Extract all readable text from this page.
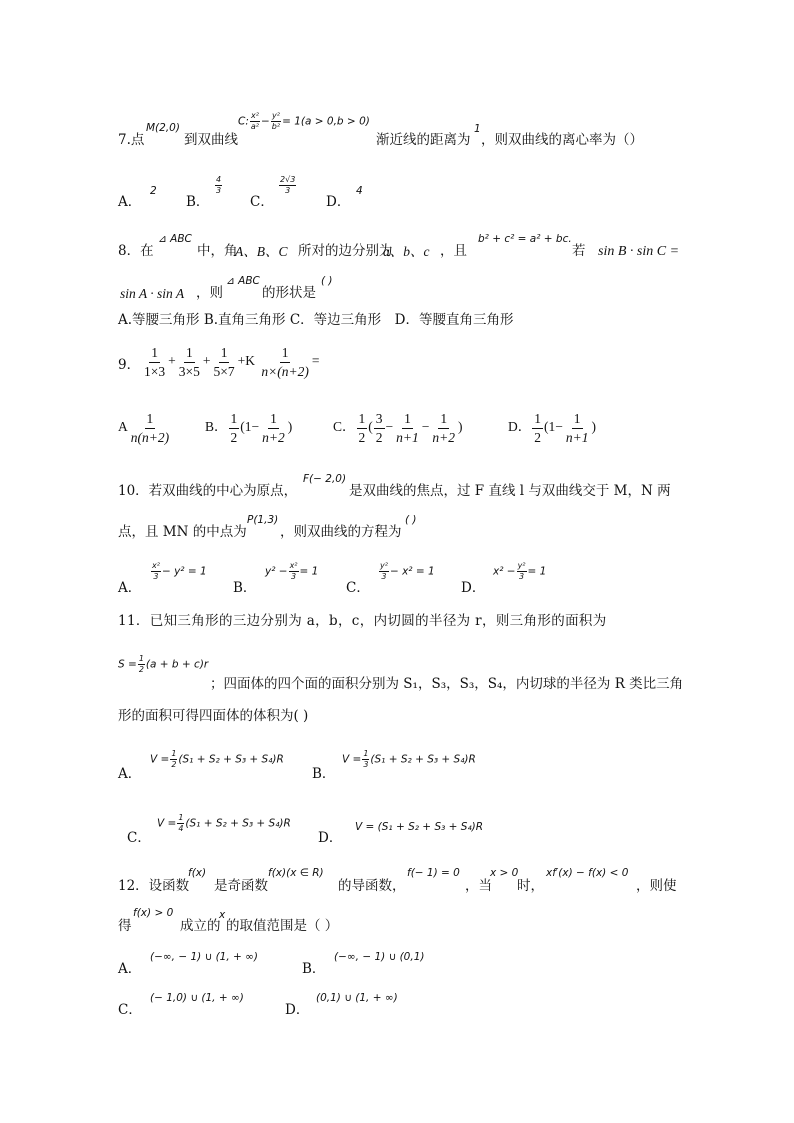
7.点
M(2,0)
到双曲线
C: $\frac{\text{x²}}{\text{a²}} - \frac{\text{y²}}{\text{b²}} = 1(a > 0,b > 0)$
渐近线的距离为
1
，则双曲线的离心率为（）
A．
2
B．
$\frac{4}{3}$
C．
$\frac{2√3}{3}$
D．
4
8．在
⊿ ABC
中，角
A、B、C 所对的边分别为
a、b、c ，且
b² + c² = a² + bc.
若 sin B · sin C =
sin A · sin A ，则
⊿ ABC
的形状是
( )
A.等腰三角形 B.直角三角形 C．等边三角形　D．等腰直角三角形
9． $\frac{1}{1\times 3} + \frac{1}{3\times 5} + \frac{1}{5\times 7} +K \frac{1}{n\times(n+2)}$ =
A $\frac{1}{n(n+2)}$	B． $\frac{1}{2} (1- \frac{1}{n+2}$ )	C． $\frac{1}{2}$ ( $\frac{3}{2} - \frac{1}{n+1} - \frac{1}{n+2}$ )	D． $\frac{1}{2} (1- \frac{1}{n+1}$ )
10．若双曲线的中心为原点，
F(− 2,0)
是双曲线的焦点，过 F 直线 l 与双曲线交于 M，N 两
点，且 MN 的中点为
P(1,3)
，则双曲线的方程为
( )
A．
$\frac{\text{x²}}{3} - y^2 = 1$
B．
$y^2 - \frac{\text{x²}}{3} = 1$
C．
$\frac{\text{y²}}{3} - x^2 = 1$
D．
$x^2 - \frac{\text{y²}}{3} = 1$
11．已知三角形的三边分别为 a，b，c，内切圆的半径为 r，则三角形的面积为
$S = \frac{1}{2} (a + b + c)r$
；四面体的四个面的面积分别为 S₁，S₃，S₃，S₄，内切球的半径为 R 类比三角
形的面积可得四面体的体积为( )
A．
$V = \frac{1}{2} (S_1 + S_2 + S_3 + S_4)R$
B．
$V = \frac{1}{3} (S_1 + S_2 + S_3 + S_4)R$
C．
$V = \frac{1}{4} (S_1 + S_2 + S_3 + S_4)R$
D．
V = (S₁ + S₂ + S₃ + S₄)R
12．设函数
f(x)
是奇函数
f(x)(x ∈ R)
的导函数，
f(− 1) = 0
，当
x > 0
时，
xf′(x) − f(x) < 0
，则使
得
f(x) > 0
成立的
x
的取值范围是（ ）
A．
(−∞, − 1) ∪ (1, + ∞)
B．
(−∞, − 1) ∪ (0,1)
C．
(− 1,0) ∪ (1, + ∞)
D．
(0,1) ∪ (1, + ∞)
